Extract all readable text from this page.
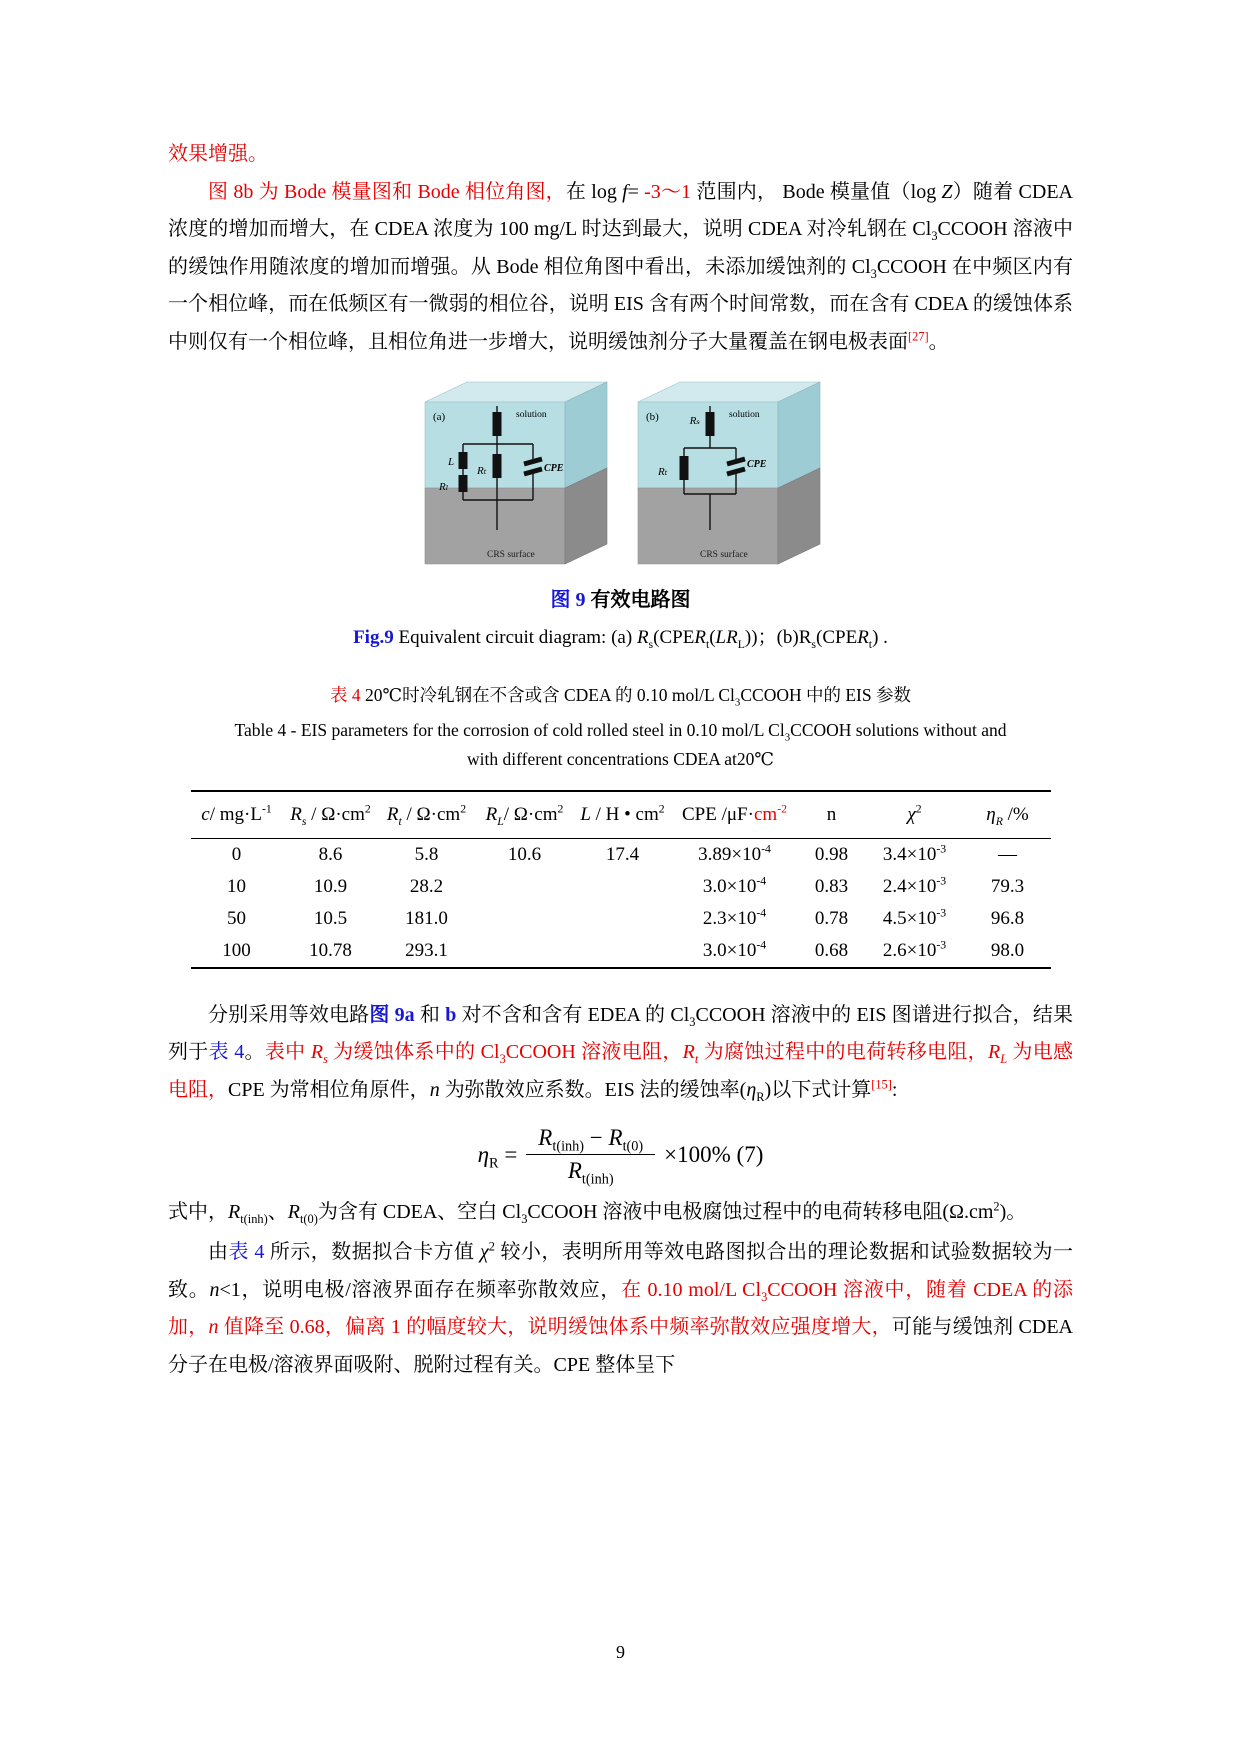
效果增强。

图 8b 为 Bode 模量图和 Bode 相位角图，在 log f= -3～1 范围内， Bode 模量值（log Z）随着 CDEA 浓度的增加而增大，在 CDEA 浓度为 100 mg/L 时达到最大，说明 CDEA 对冷轧钢在 $Cl_3CCOOH$ 溶液中的缓蚀作用随浓度的增加而增强。从 Bode 相位角图中看出，未添加缓蚀剂的 $Cl_3CCOOH$ 在中频区内有一个相位峰，而在低频区有一微弱的相位谷，说明 EIS 含有两个时间常数，而在含有 CDEA 的缓蚀体系中则仅有一个相位峰，且相位角进一步增大，说明缓蚀剂分子大量覆盖在钢电极表面[27]。

(a)	solution
L
Rₗ
Rₜ	CPE
CRS surface
(b)	solution
Rₛ
Rₜ
CPE
CRS surface

图 9 有效电路图

Fig.9 Equivalent circuit diagram: (a) $R_s(CPER_t(LR_L))$；$(b)R_s(CPER_t)$ .

表 4 20℃时冷轧钢在不含或含 CDEA 的 0.10 mol/L $Cl_3CCOOH$ 中的 EIS 参数

Table 4 - EIS parameters for the corrosion of cold rolled steel in 0.10 mol/L $Cl_3CCOOH$ solutions without and with different concentrations CDEA at20℃

c/ $mg\cdot L^{-1}$	$R_s / \Omega\cdot cm^2$	$R_t / \Omega\cdot cm^2$	$R_L/$ $\Omega\cdot cm^2$	L / H • $cm^2$	CPE $/\mu F\cdot cm^{-2}$	n	$\chi^2$	$\eta_R$ /%
0	8.6	5.8	10.6	17.4	$3.89\times 10^{-4}$	0.98	$3.4\times 10^{-3}$	—
10	10.9	28.2			$3.0\times 10^{-4}$	0.83	$2.4\times 10^{-3}$	79.3
50	10.5	181.0			$2.3\times 10^{-4}$	0.78	$4.5\times 10^{-3}$	96.8
100	10.78	293.1			$3.0\times 10^{-4}$	0.68	$2.6\times 10^{-3}$	98.0

分别采用等效电路图 9a 和 b 对不含和含有 EDEA 的 $Cl_3CCOOH$ 溶液中的 EIS 图谱进行拟合，结果列于表 4。表中 $R_s$ 为缓蚀体系中的 $Cl_3CCOOH$ 溶液电阻，$R_t$ 为腐蚀过程中的电荷转移电阻，$R_L$ 为电感电阻，CPE 为常相位角原件，n 为弥散效应系数。EIS 法的缓蚀率$(\eta_R)$以下式计算[15]:

$\eta_R = \frac{R_{t(inh)} - R_{t(0)}}{R_{t(inh)}} \times 100\%$ (7)

式中，$R_{t(inh)}$、$R_{t(0)}$为含有 CDEA、空白 $Cl_3CCOOH$ 溶液中电极腐蚀过程中的电荷转移电阻$(\Omega.cm^2)$。

由表 4 所示，数据拟合卡方值 $\chi^2$ 较小，表明所用等效电路图拟合出的理论数据和试验数据较为一致。n<1，说明电极/溶液界面存在频率弥散效应，在 0.10 mol/L $Cl_3CCOOH$ 溶液中，随着 CDEA 的添加，n 值降至 0.68，偏离 1 的幅度较大，说明缓蚀体系中频率弥散效应强度增大，可能与缓蚀剂 CDEA 分子在电极/溶液界面吸附、脱附过程有关。CPE 整体呈下

9
